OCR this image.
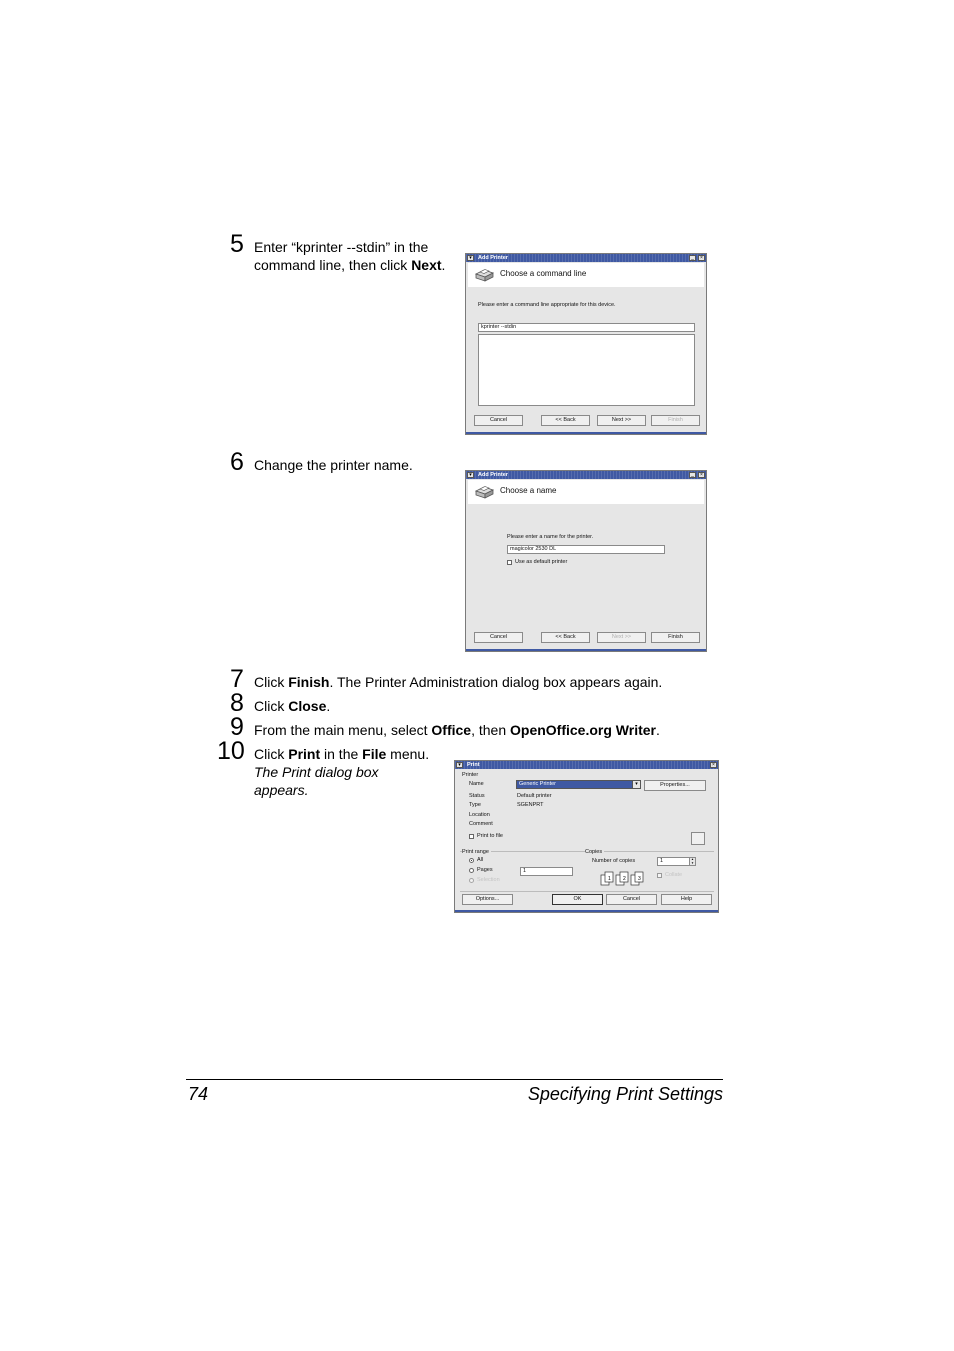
5 Enter “kprinter --stdin” in the command line, then click Next.	▾	Add Printer	_	×
Choose a command line
Please enter a command line appropriate for this device.
kprinter --stdin
Cancel	<< Back	Next >>	Finish
6 Change the printer name.
▾	Add Printer	_	×
Choose a name
Please enter a name for the printer.
magicolor 2530 DL
Use as default printer
Cancel	<< Back	Next >>	Finish
7 Click Finish. The Printer Administration dialog box appears again.
8 Click Close.
9 From the main menu, select Office, then OpenOffice.org Writer.
10 Click Print in the File menu.
The Print dialog box appears.
▾	Print	×
Printer
Name	Generic Printer	▾	Properties...
Status	Default printer
Type	SGENPRT
Location
Comment
Print to file
Print range
All
Pages	1
Selection
Copies
Number of copies	1	▴
▾
1 2 3
Collate
Options...	OK	Cancel	Help
74	Specifying Print Settings
